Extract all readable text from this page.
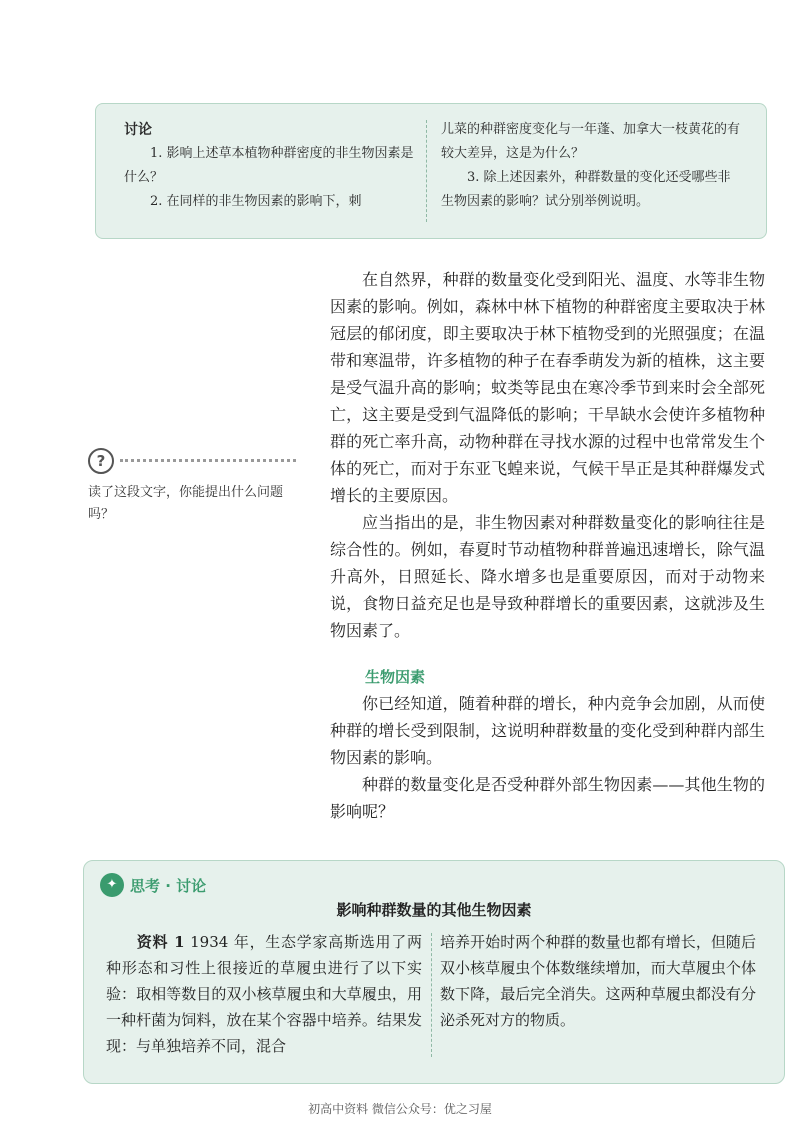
讨论
1. 影响上述草本植物种群密度的非生物因素是什么？
2. 在同样的非生物因素的影响下，刺
儿菜的种群密度变化与一年蓬、加拿大一枝黄花的有较大差异，这是为什么？
3. 除上述因素外，种群数量的变化还受哪些非生物因素的影响？试分别举例说明。

在自然界，种群的数量变化受到阳光、温度、水等非生物因素的影响。例如，森林中林下植物的种群密度主要取决于林冠层的郁闭度，即主要取决于林下植物受到的光照强度；在温带和寒温带，许多植物的种子在春季萌发为新的植株，这主要是受气温升高的影响；蚊类等昆虫在寒冷季节到来时会全部死亡，这主要是受到气温降低的影响；干旱缺水会使许多植物种群的死亡率升高，动物种群在寻找水源的过程中也常常发生个体的死亡，而对于东亚飞蝗来说，气候干旱正是其种群爆发式增长的主要原因。

?
读了这段文字，你能提出什么问题吗？	应当指出的是，非生物因素对种群数量变化的影响往往是综合性的。例如，春夏时节动植物种群普遍迅速增长，除气温升高外，日照延长、降水增多也是重要原因，而对于动物来说，食物日益充足也是导致种群增长的重要因素，这就涉及生物因素了。

生物因素

你已经知道，随着种群的增长，种内竞争会加剧，从而使种群的增长受到限制，这说明种群数量的变化受到种群内部生物因素的影响。

种群的数量变化是否受种群外部生物因素——其他生物的影响呢？

✦ 思考 · 讨论
影响种群数量的其他生物因素
资料 1 1934 年，生态学家高斯选用了两种形态和习性上很接近的草履虫进行了以下实验：取相等数目的双小核草履虫和大草履虫，用一种杆菌为饲料，放在某个容器中培养。结果发现：与单独培养不同，混合
培养开始时两个种群的数量也都有增长，但随后双小核草履虫个体数继续增加，而大草履虫个体数下降，最后完全消失。这两种草履虫都没有分泌杀死对方的物质。
初高中资料 微信公众号：优之习屋
